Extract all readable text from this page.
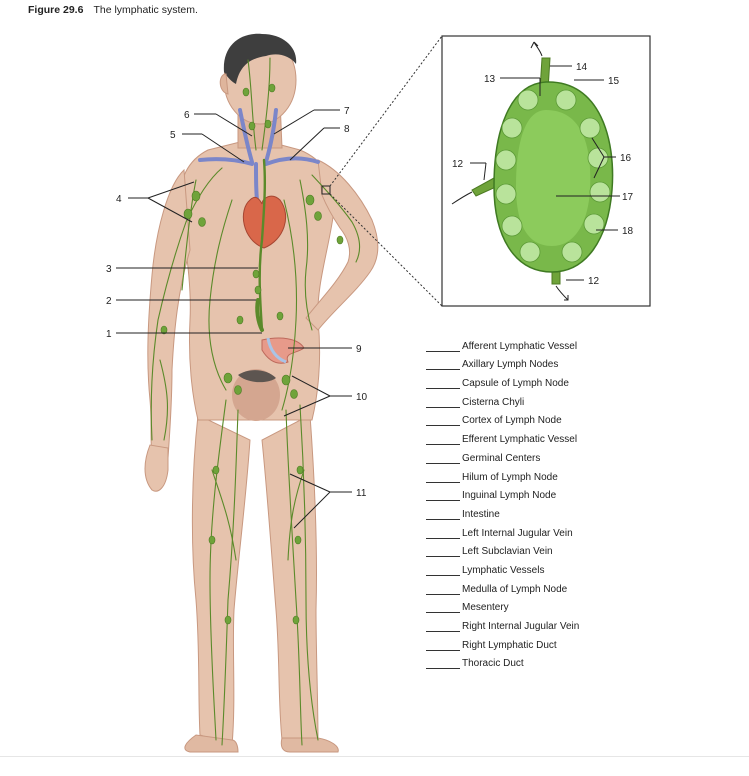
Figure 29.6 The lymphatic system.
1
2
3
4
5
6	7
8
9
10
11
12
12
13
14
15
16
17
18
Afferent Lymphatic Vessel
Axillary Lymph Nodes
Capsule of Lymph Node
Cisterna Chyli
Cortex of Lymph Node
Efferent Lymphatic Vessel
Germinal Centers
Hilum of Lymph Node
Inguinal Lymph Node
Intestine
Left Internal Jugular Vein
Left Subclavian Vein
Lymphatic Vessels
Medulla of Lymph Node
Mesentery
Right Internal Jugular Vein
Right Lymphatic Duct
Thoracic Duct
